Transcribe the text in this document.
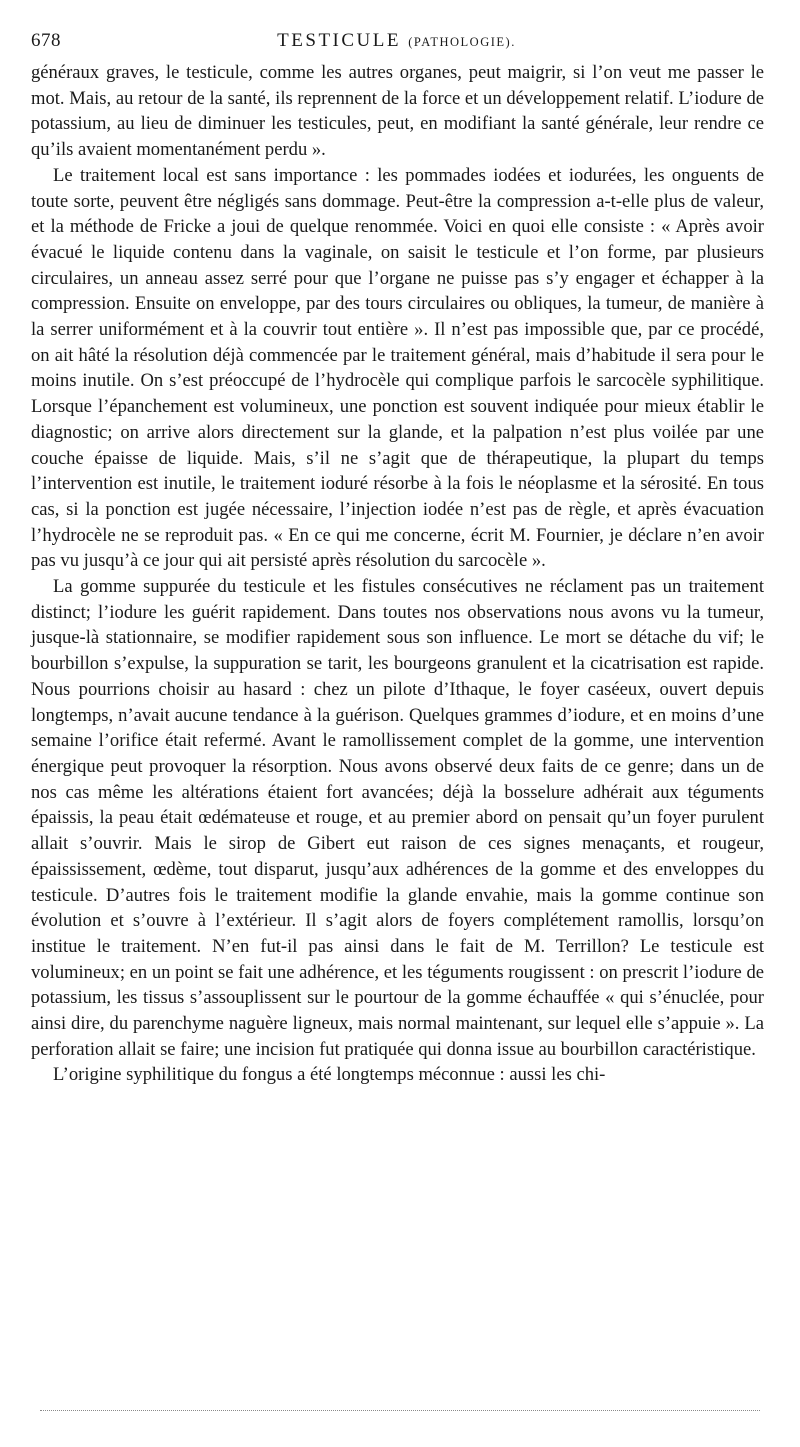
678	TESTICULE (PATHOLOGIE).

généraux graves, le testicule, comme les autres organes, peut maigrir, si l’on veut me passer le mot. Mais, au retour de la santé, ils reprennent de la force et un développement relatif. L’iodure de potassium, au lieu de diminuer les testicules, peut, en modifiant la santé générale, leur rendre ce qu’ils avaient momentanément perdu ».

Le traitement local est sans importance : les pommades iodées et iodurées, les onguents de toute sorte, peuvent être négligés sans dommage. Peut-être la compression a-t-elle plus de valeur, et la méthode de Fricke a joui de quelque renommée. Voici en quoi elle consiste : « Après avoir évacué le liquide contenu dans la vaginale, on saisit le testicule et l’on forme, par plusieurs circulaires, un anneau assez serré pour que l’organe ne puisse pas s’y engager et échapper à la compression. Ensuite on enveloppe, par des tours circulaires ou obliques, la tumeur, de manière à la serrer uniformément et à la couvrir tout entière ». Il n’est pas impossible que, par ce procédé, on ait hâté la résolution déjà commencée par le traitement général, mais d’habitude il sera pour le moins inutile. On s’est préoccupé de l’hydrocèle qui complique parfois le sarcocèle syphilitique. Lorsque l’épanchement est volumineux, une ponction est souvent indiquée pour mieux établir le diagnostic; on arrive alors directement sur la glande, et la palpation n’est plus voilée par une couche épaisse de liquide. Mais, s’il ne s’agit que de thérapeutique, la plupart du temps l’intervention est inutile, le traitement ioduré résorbe à la fois le néoplasme et la sérosité. En tous cas, si la ponction est jugée nécessaire, l’injection iodée n’est pas de règle, et après évacuation l’hydrocèle ne se reproduit pas. « En ce qui me concerne, écrit M. Fournier, je déclare n’en avoir pas vu jusqu’à ce jour qui ait persisté après résolution du sarcocèle ».

La gomme suppurée du testicule et les fistules consécutives ne réclament pas un traitement distinct; l’iodure les guérit rapidement. Dans toutes nos observations nous avons vu la tumeur, jusque-là stationnaire, se modifier rapidement sous son influence. Le mort se détache du vif; le bourbillon s’expulse, la suppuration se tarit, les bourgeons granulent et la cicatrisation est rapide. Nous pourrions choisir au hasard : chez un pilote d’Ithaque, le foyer caséeux, ouvert depuis longtemps, n’avait aucune tendance à la guérison. Quelques grammes d’iodure, et en moins d’une semaine l’orifice était refermé. Avant le ramollissement complet de la gomme, une intervention énergique peut provoquer la résorption. Nous avons observé deux faits de ce genre; dans un de nos cas même les altérations étaient fort avancées; déjà la bosselure adhérait aux téguments épaissis, la peau était œdémateuse et rouge, et au premier abord on pensait qu’un foyer purulent allait s’ouvrir. Mais le sirop de Gibert eut raison de ces signes menaçants, et rougeur, épaississement, œdème, tout disparut, jusqu’aux adhérences de la gomme et des enveloppes du testicule. D’autres fois le traitement modifie la glande envahie, mais la gomme continue son évolution et s’ouvre à l’extérieur. Il s’agit alors de foyers complétement ramollis, lorsqu’on institue le traitement. N’en fut-il pas ainsi dans le fait de M. Terrillon? Le testicule est volumineux; en un point se fait une adhérence, et les téguments rougissent : on prescrit l’iodure de potassium, les tissus s’assouplissent sur le pourtour de la gomme échauffée « qui s’énuclée, pour ainsi dire, du parenchyme naguère ligneux, mais normal maintenant, sur lequel elle s’appuie ». La perforation allait se faire; une incision fut pratiquée qui donna issue au bourbillon caractéristique.

L’origine syphilitique du fongus a été longtemps méconnue : aussi les chi-
